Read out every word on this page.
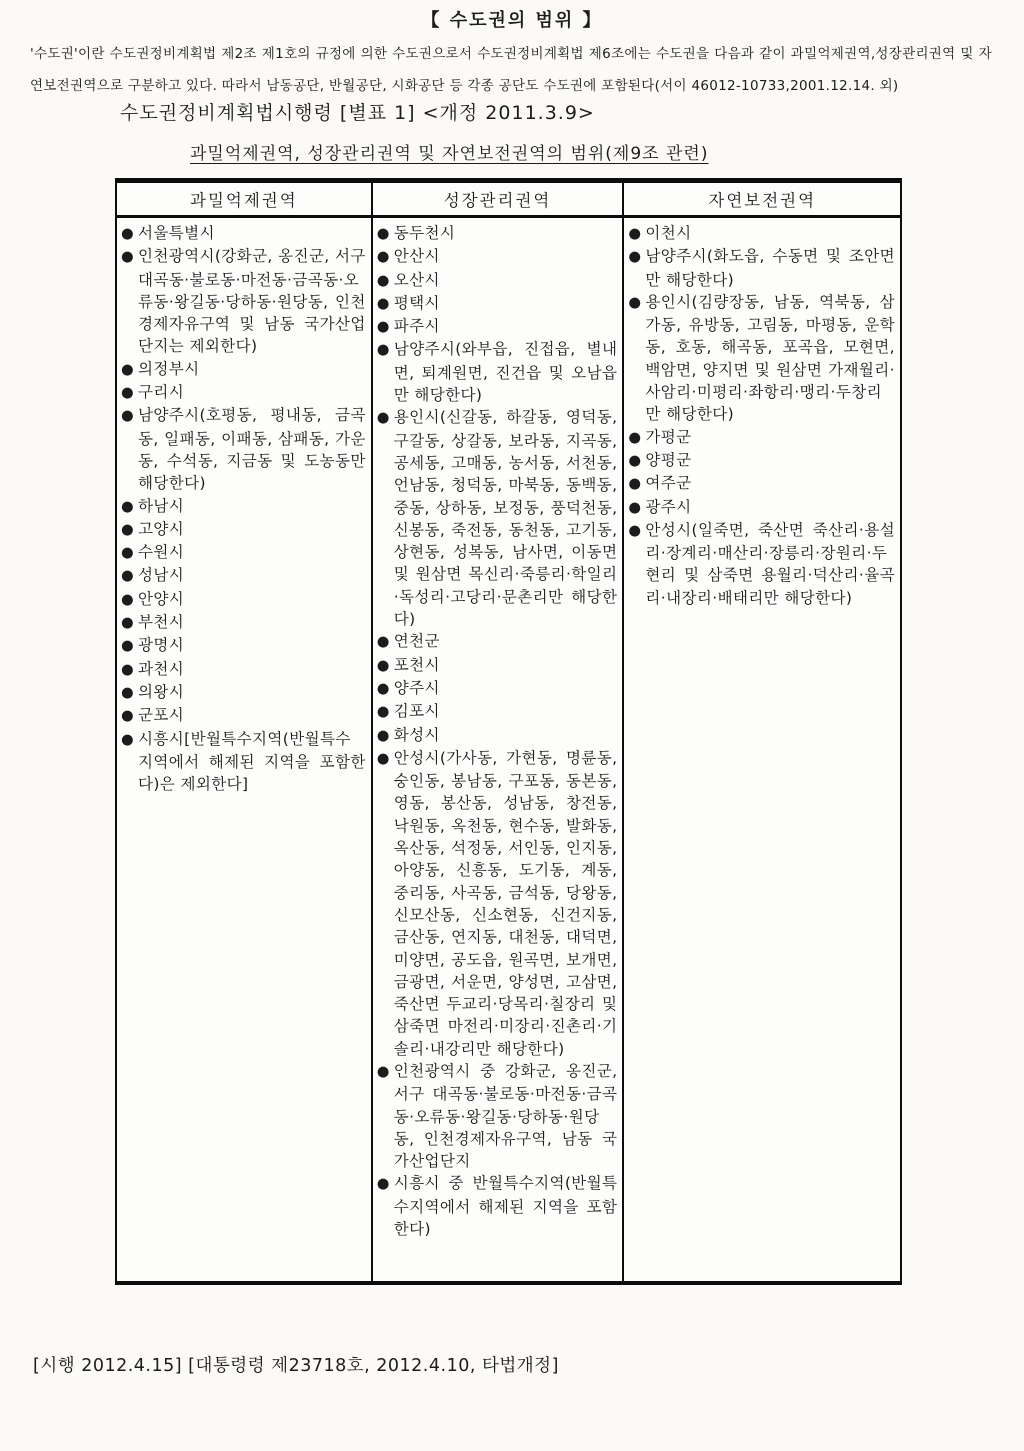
【 수도권의 범위 】
'수도권'이란 수도권정비계획법 제2조 제1호의 규정에 의한 수도권으로서 수도권정비계획법 제6조에는 수도권을 다음과 같이 과밀억제권역,성장관리권역 및 자연보전권역으로 구분하고 있다. 따라서 남동공단, 반월공단, 시화공단 등 각종 공단도 수도권에 포함된다(서이 46012-10733,2001.12.14. 외)
수도권정비계획법시행령 [별표 1] <개정 2011.3.9>
과밀억제권역, 성장관리권역 및 자연보전권역의 범위(제9조 관련)
과밀억제권역	성장관리권역	자연보전권역
● 서울특별시
● 인천광역시(강화군, 옹진군, 서구 대곡동·불로동·마전동·금곡동·오류동·왕길동·당하동·원당동, 인천경제자유구역 및 남동 국가산업단지는 제외한다)
● 의정부시
● 구리시
● 남양주시(호평동, 평내동, 금곡동, 일패동, 이패동, 삼패동, 가운동, 수석동, 지금동 및 도농동만 해당한다)
● 하남시
● 고양시
● 수원시
● 성남시
● 안양시
● 부천시
● 광명시
● 과천시
● 의왕시
● 군포시
● 시흥시[반월특수지역(반월특수지역에서 해제된 지역을 포함한다)은 제외한다]
● 동두천시
● 안산시
● 오산시
● 평택시
● 파주시
● 남양주시(와부읍, 진접읍, 별내면, 퇴계원면, 진건읍 및 오남읍만 해당한다)
● 용인시(신갈동, 하갈동, 영덕동, 구갈동, 상갈동, 보라동, 지곡동, 공세동, 고매동, 농서동, 서천동, 언남동, 청덕동, 마북동, 동백동, 중동, 상하동, 보정동, 풍덕천동, 신봉동, 죽전동, 동천동, 고기동, 상현동, 성복동, 남사면, 이동면 및 원삼면 목신리·죽릉리·학일리·독성리·고당리·문촌리만 해당한다)
● 연천군
● 포천시
● 양주시
● 김포시
● 화성시
● 안성시(가사동, 가현동, 명륜동, 숭인동, 봉남동, 구포동, 동본동, 영동, 봉산동, 성남동, 창전동, 낙원동, 옥천동, 현수동, 발화동, 옥산동, 석정동, 서인동, 인지동, 아양동, 신흥동, 도기동, 계동, 중리동, 사곡동, 금석동, 당왕동, 신모산동, 신소현동, 신건지동, 금산동, 연지동, 대천동, 대덕면, 미양면, 공도읍, 원곡면, 보개면, 금광면, 서운면, 양성면, 고삼면, 죽산면 두교리·당목리·칠장리 및 삼죽면 마전리·미장리·진촌리·기솔리·내강리만 해당한다)
● 인천광역시 중 강화군, 옹진군, 서구 대곡동·불로동·마전동·금곡동·오류동·왕길동·당하동·원당동, 인천경제자유구역, 남동 국가산업단지
● 시흥시 중 반월특수지역(반월특수지역에서 해제된 지역을 포함한다)
● 이천시
● 남양주시(화도읍, 수동면 및 조안면만 해당한다)
● 용인시(김량장동, 남동, 역북동, 삼가동, 유방동, 고림동, 마평동, 운학동, 호동, 해곡동, 포곡읍, 모현면, 백암면, 양지면 및 원삼면 가재월리·사암리·미평리·좌항리·맹리·두창리만 해당한다)
● 가평군
● 양평군
● 여주군
● 광주시
● 안성시(일죽면, 죽산면 죽산리·용설리·장계리·매산리·장릉리·장원리·두현리 및 삼죽면 용월리·덕산리·율곡리·내장리·배태리만 해당한다)
[시행 2012.4.15] [대통령령 제23718호, 2012.4.10, 타법개정]
